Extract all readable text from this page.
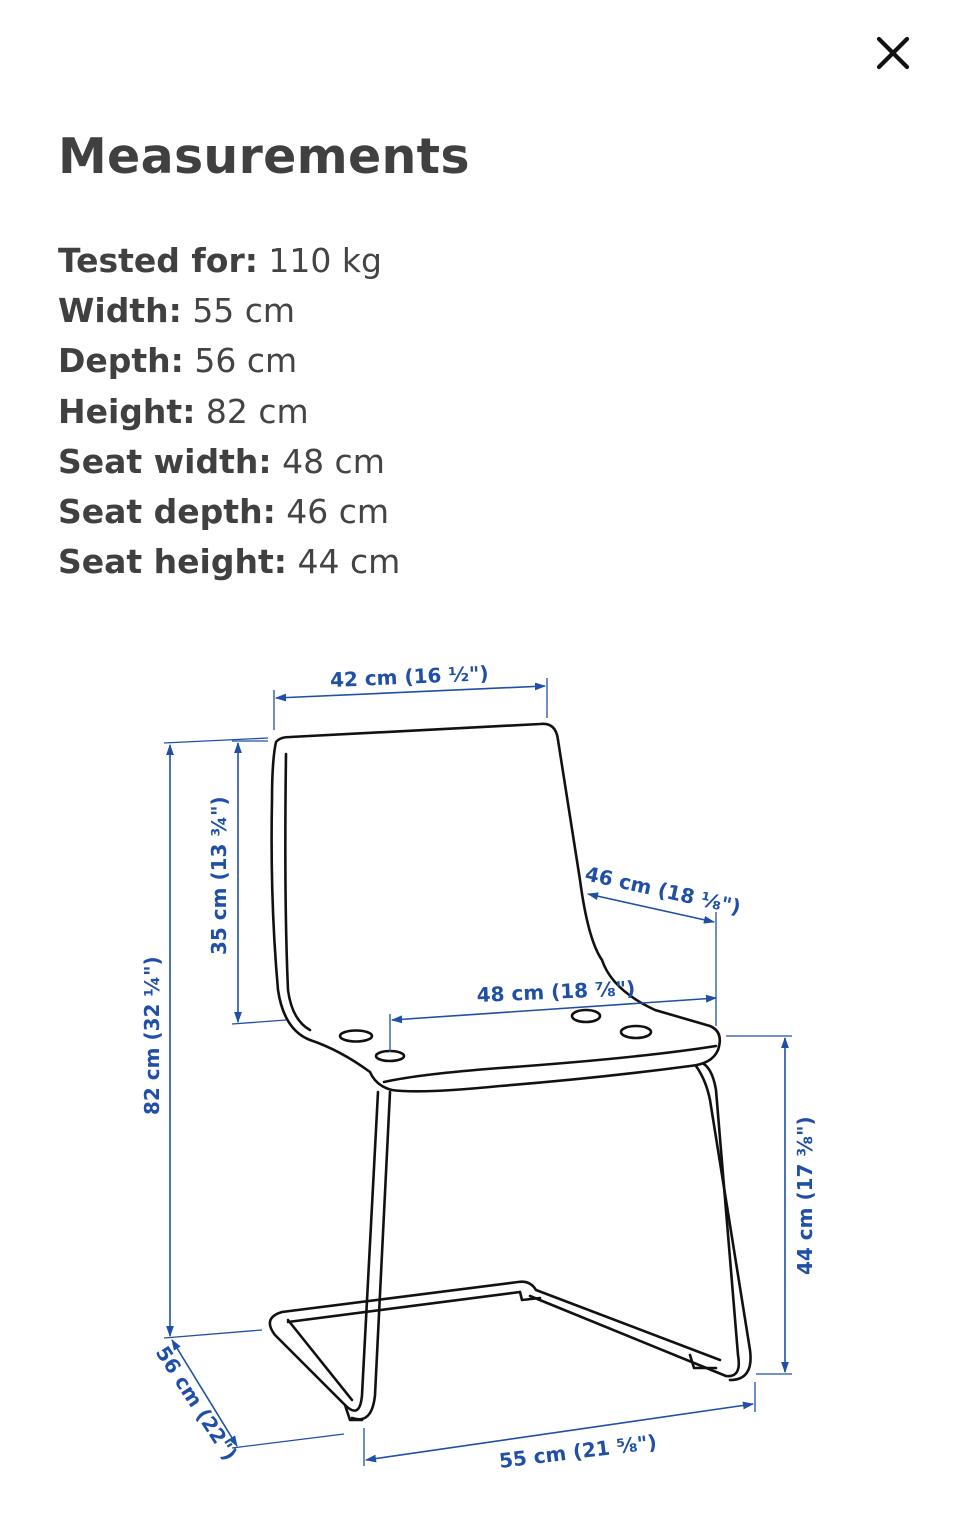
Measurements
Tested for: 110 kg
Width: 55 cm
Depth: 56 cm
Height: 82 cm
Seat width: 48 cm
Seat depth: 46 cm
Seat height: 44 cm
42 cm (16 ½")
35 cm (13 ¾")
82 cm (32 ¼")
46 cm (18 ⅛")
48 cm (18 ⅞")
44 cm (17 ⅜")
56 cm (22")	55 cm (21 ⅝")
